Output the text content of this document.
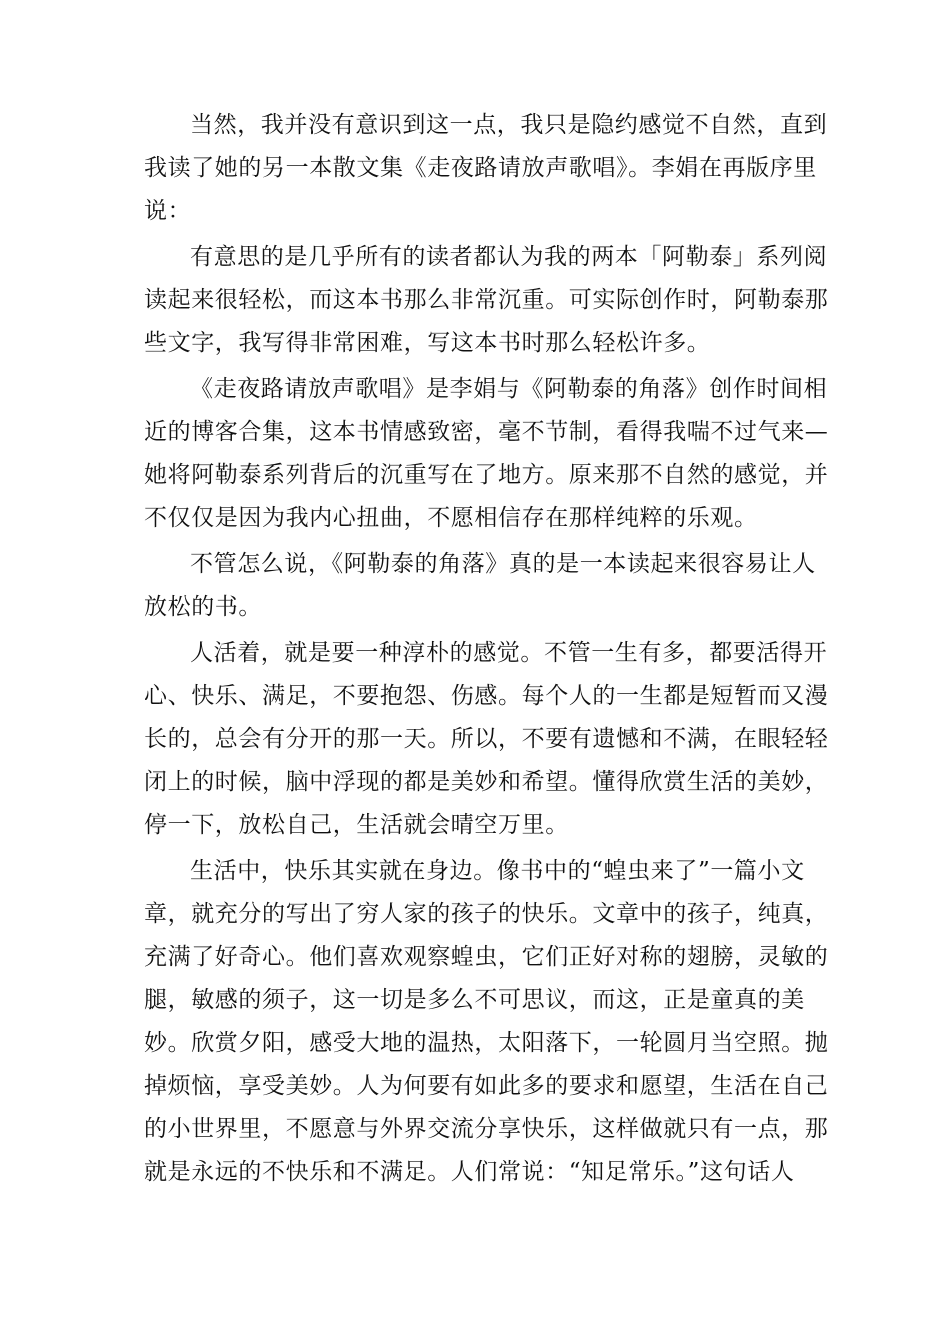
当然，我并没有意识到这一点，我只是隐约感觉不自然，直到
我读了她的另一本散文集《走夜路请放声歌唱》。李娟在再版序里
说：
有意思的是几乎所有的读者都认为我的两本「阿勒泰」系列阅
读起来很轻松，而这本书那么非常沉重。可实际创作时，阿勒泰那
些文字，我写得非常困难，写这本书时那么轻松许多。
《走夜路请放声歌唱》是李娟与《阿勒泰的角落》创作时间相
近的博客合集，这本书情感致密，毫不节制，看得我喘不过气来—
她将阿勒泰系列背后的沉重写在了地方。原来那不自然的感觉，并
不仅仅是因为我内心扭曲，不愿相信存在那样纯粹的乐观。
不管怎么说，《阿勒泰的角落》真的是一本读起来很容易让人
放松的书。
人活着，就是要一种淳朴的感觉。不管一生有多，都要活得开
心、快乐、满足，不要抱怨、伤感。每个人的一生都是短暂而又漫
长的，总会有分开的那一天。所以，不要有遗憾和不满，在眼轻轻
闭上的时候，脑中浮现的都是美妙和希望。懂得欣赏生活的美妙，
停一下，放松自己，生活就会晴空万里。
生活中，快乐其实就在身边。像书中的“蝗虫来了”一篇小文
章，就充分的写出了穷人家的孩子的快乐。文章中的孩子，纯真，
充满了好奇心。他们喜欢观察蝗虫，它们正好对称的翅膀，灵敏的
腿，敏感的须子，这一切是多么不可思议，而这，正是童真的美
妙。欣赏夕阳，感受大地的温热，太阳落下，一轮圆月当空照。抛
掉烦恼，享受美妙。人为何要有如此多的要求和愿望，生活在自己
的小世界里，不愿意与外界交流分享快乐，这样做就只有一点，那
就是永远的不快乐和不满足。人们常说：“知足常乐。”这句话人
